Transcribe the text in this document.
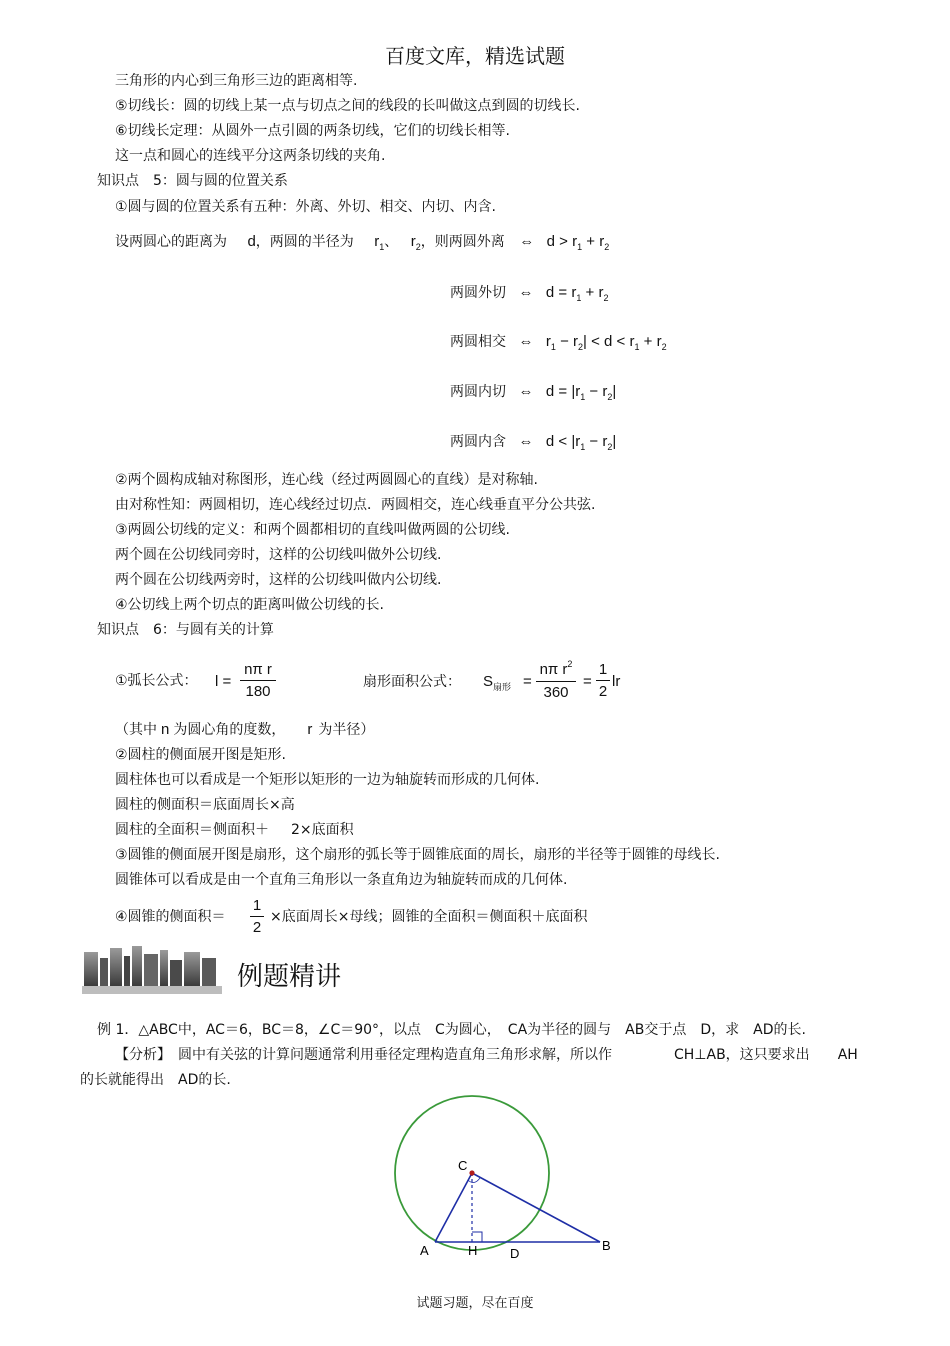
百度文库，精选试题
三角形的内心到三角形三边的距离相等.
⑤切线长：圆的切线上某一点与切点之间的线段的长叫做这点到圆的切线长.
⑥切线长定理：从圆外一点引圆的两条切线，它们的切线长相等.
这一点和圆心的连线平分这两条切线的夹角.
知识点　5：圆与圆的位置关系
①圆与圆的位置关系有五种：外离、外切、相交、内切、内含.
设两圆心的距离为 d，两圆的半径为 $r_1$、 $r_2$，则两圆外离 ⇔ $d > r_1 + r_2$
两圆外切 ⇔ $d = r_1 + r_2$
两圆相交 ⇔ $r_1 - r_2| < d < r_1 + r_2$
两圆内切 ⇔ $d = |r_1 - r_2|$
两圆内含 ⇔ $d < |r_1 - r_2|$
②两个圆构成轴对称图形，连心线（经过两圆圆心的直线）是对称轴.
由对称性知：两圆相切，连心线经过切点．两圆相交，连心线垂直平分公共弦.
③两圆公切线的定义：和两个圆都相切的直线叫做两圆的公切线.
两个圆在公切线同旁时，这样的公切线叫做外公切线.
两个圆在公切线两旁时，这样的公切线叫做内公切线.
④公切线上两个切点的距离叫做公切线的长.
知识点　6：与圆有关的计算
①弧长公式： l =
nπ r
180
扇形面积公式： $S_{扇形}$ =
nπ $r^2$
360
=
1
2
lr
（其中 n 为圆心角的度数， r 为半径）
②圆柱的侧面展开图是矩形.
圆柱体也可以看成是一个矩形以矩形的一边为轴旋转而形成的几何体.
圆柱的侧面积＝底面周长×高
圆柱的全面积＝侧面积＋ 2×底面积
③圆锥的侧面展开图是扇形，这个扇形的弧长等于圆锥底面的周长，扇形的半径等于圆锥的母线长.
圆锥体可以看成是由一个直角三角形以一条直角边为轴旋转而成的几何体.
④圆锥的侧面积＝
1
2
×底面周长×母线；圆锥的全面积＝侧面积＋底面积
例题精讲
例 1．△ABC中，AC＝6，BC＝8，∠C＝90°，以点　C为圆心，　CA为半径的圆与　AB交于点　D，求　AD的长.
【分析】　圆中有关弦的计算问题通常利用垂径定理构造直角三角形求解，所以作	CH⊥AB，这只要求出 AH
的长就能得出　AD的长.
C
A	H	D
B
试题习题，尽在百度
